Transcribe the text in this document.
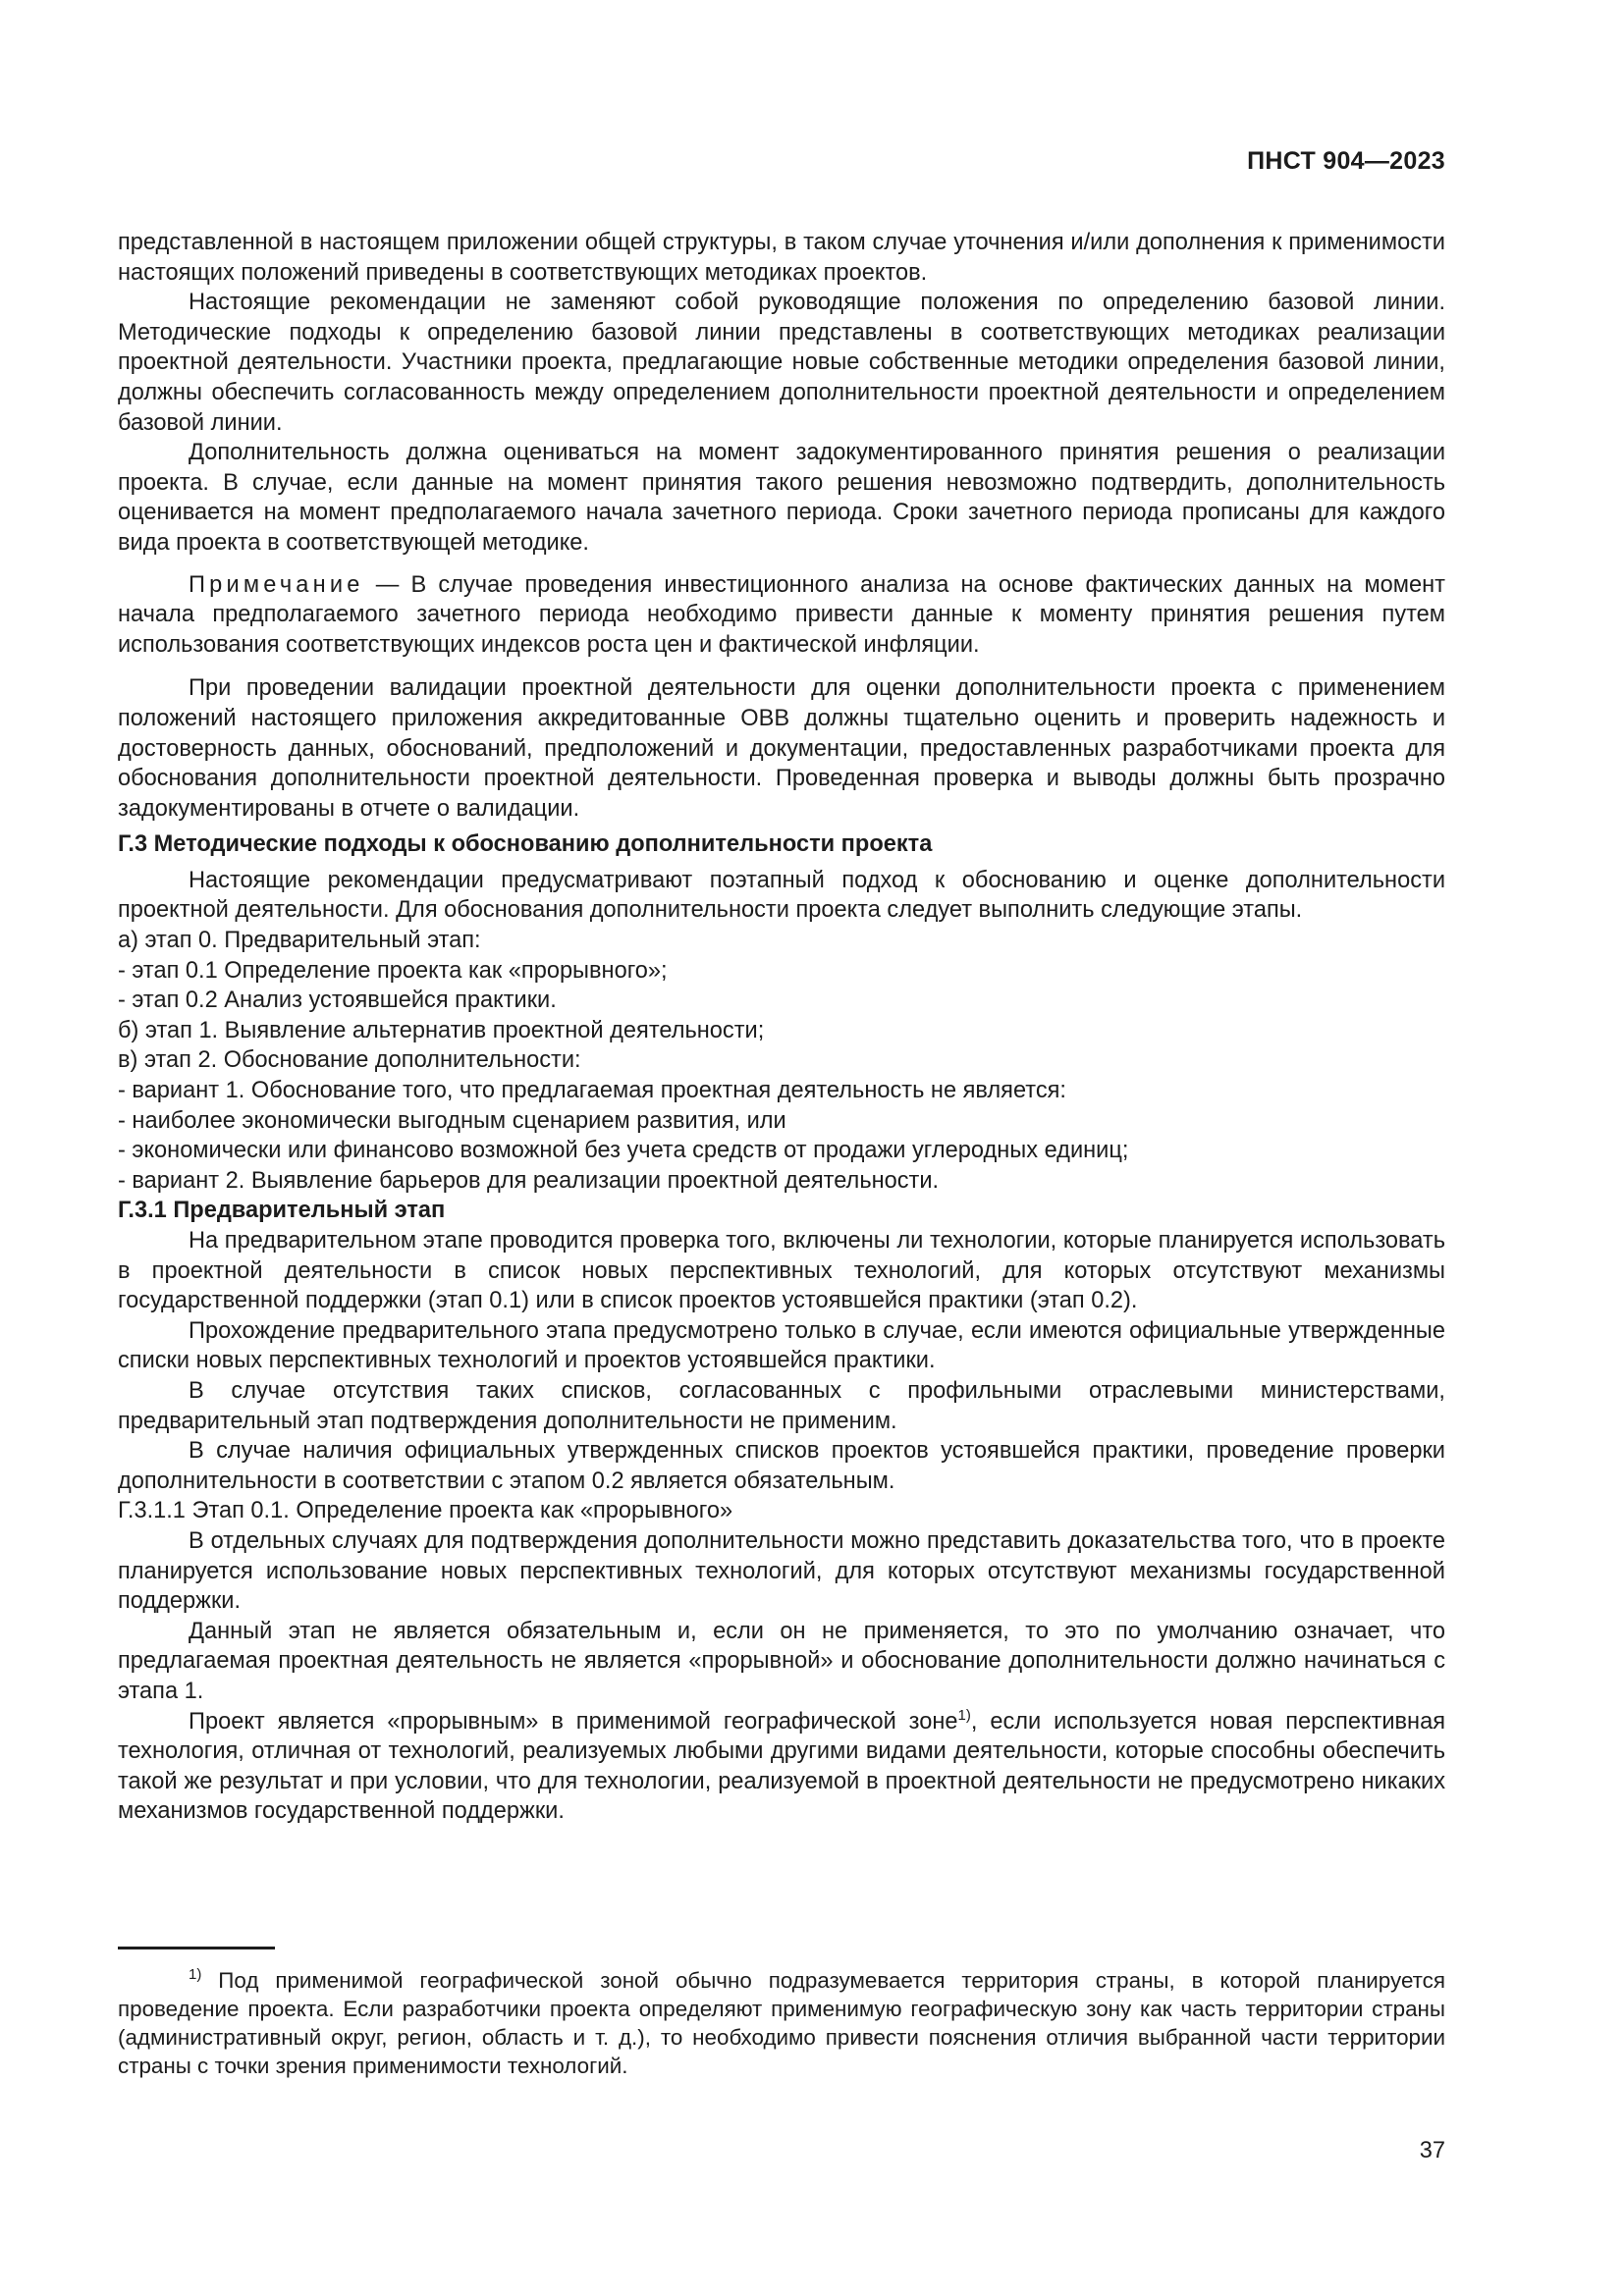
ПНСТ 904—2023

представленной в настоящем приложении общей структуры, в таком случае уточнения и/или дополнения к применимости настоящих положений приведены в соответствующих методиках проектов.

Настоящие рекомендации не заменяют собой руководящие положения по определению базовой линии. Методические подходы к определению базовой линии представлены в соответствующих методиках реализации проектной деятельности. Участники проекта, предлагающие новые собственные методики определения базовой линии, должны обеспечить согласованность между определением дополнительности проектной деятельности и определением базовой линии.

Дополнительность должна оцениваться на момент задокументированного принятия решения о реализации проекта. В случае, если данные на момент принятия такого решения невозможно подтвердить, дополнительность оценивается на момент предполагаемого начала зачетного периода. Сроки зачетного периода прописаны для каждого вида проекта в соответствующей методике.

Примечание — В случае проведения инвестиционного анализа на основе фактических данных на момент начала предполагаемого зачетного периода необходимо привести данные к моменту принятия решения путем использования соответствующих индексов роста цен и фактической инфляции.

При проведении валидации проектной деятельности для оценки дополнительности проекта с применением положений настоящего приложения аккредитованные ОВВ должны тщательно оценить и проверить надежность и достоверность данных, обоснований, предположений и документации, предоставленных разработчиками проекта для обоснования дополнительности проектной деятельности. Проведенная проверка и выводы должны быть прозрачно задокументированы в отчете о валидации.

Г.3 Методические подходы к обоснованию дополнительности проекта

Настоящие рекомендации предусматривают поэтапный подход к обоснованию и оценке дополнительности проектной деятельности. Для обоснования дополнительности проекта следует выполнить следующие этапы.

а) этап 0. Предварительный этап:

- этап 0.1 Определение проекта как «прорывного»;

- этап 0.2 Анализ устоявшейся практики.

б) этап 1. Выявление альтернатив проектной деятельности;

в) этап 2. Обоснование дополнительности:

- вариант 1. Обоснование того, что предлагаемая проектная деятельность не является:

- наиболее экономически выгодным сценарием развития, или

- экономически или финансово возможной без учета средств от продажи углеродных единиц;

- вариант 2. Выявление барьеров для реализации проектной деятельности.

Г.3.1 Предварительный этап

На предварительном этапе проводится проверка того, включены ли технологии, которые планируется использовать в проектной деятельности в список новых перспективных технологий, для которых отсутствуют механизмы государственной поддержки (этап 0.1) или в список проектов устоявшейся практики (этап 0.2).

Прохождение предварительного этапа предусмотрено только в случае, если имеются официальные утвержденные списки новых перспективных технологий и проектов устоявшейся практики.

В случае отсутствия таких списков, согласованных с профильными отраслевыми министерствами, предварительный этап подтверждения дополнительности не применим.

В случае наличия официальных утвержденных списков проектов устоявшейся практики, проведение проверки дополнительности в соответствии с этапом 0.2 является обязательным.

Г.3.1.1 Этап 0.1. Определение проекта как «прорывного»

В отдельных случаях для подтверждения дополнительности можно представить доказательства того, что в проекте планируется использование новых перспективных технологий, для которых отсутствуют механизмы государственной поддержки.

Данный этап не является обязательным и, если он не применяется, то это по умолчанию означает, что предлагаемая проектная деятельность не является «прорывной» и обоснование дополнительности должно начинаться с этапа 1.

Проект является «прорывным» в применимой географической зоне$^{1)}$, если используется новая перспективная технология, отличная от технологий, реализуемых любыми другими видами деятельности, которые способны обеспечить такой же результат и при условии, что для технологии, реализуемой в проектной деятельности не предусмотрено никаких механизмов государственной поддержки.

$^{1)}$ Под применимой географической зоной обычно подразумевается территория страны, в которой планируется проведение проекта. Если разработчики проекта определяют применимую географическую зону как часть территории страны (административный округ, регион, область и т. д.), то необходимо привести пояснения отличия выбранной части территории страны с точки зрения применимости технологий.

37
